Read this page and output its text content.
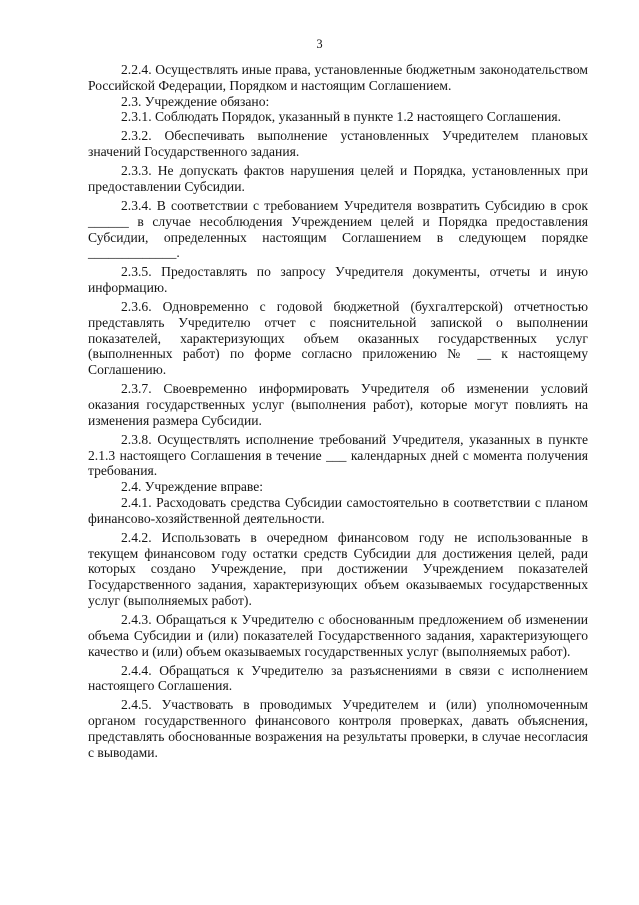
3

2.2.4. Осуществлять иные права, установленные бюджетным законодательством Российской Федерации, Порядком и настоящим Соглашением.

2.3. Учреждение обязано:

2.3.1. Соблюдать Порядок, указанный в пункте 1.2 настоящего Соглашения.

2.3.2. Обеспечивать выполнение установленных Учредителем плановых значений Государственного задания.

2.3.3. Не допускать фактов нарушения целей и Порядка, установленных при предоставлении Субсидии.

2.3.4. В соответствии с требованием Учредителя возвратить Субсидию в срок ______ в случае несоблюдения Учреждением целей и Порядка предоставления Субсидии, определенных настоящим Соглашением в следующем порядке _____________.

2.3.5. Предоставлять по запросу Учредителя документы, отчеты и иную информацию.

2.3.6. Одновременно с годовой бюджетной (бухгалтерской) отчетностью представлять Учредителю отчет с пояснительной запиской о выполнении показателей, характеризующих объем оказанных государственных услуг (выполненных работ) по форме согласно приложению № __ к настоящему Соглашению.

2.3.7. Своевременно информировать Учредителя об изменении условий оказания государственных услуг (выполнения работ), которые могут повлиять на изменения размера Субсидии.

2.3.8. Осуществлять исполнение требований Учредителя, указанных в пункте 2.1.3 настоящего Соглашения в течение ___ календарных дней с момента получения требования.

2.4. Учреждение вправе:

2.4.1. Расходовать средства Субсидии самостоятельно в соответствии с планом финансово-хозяйственной деятельности.

2.4.2. Использовать в очередном финансовом году не использованные в текущем финансовом году остатки средств Субсидии для достижения целей, ради которых создано Учреждение, при достижении Учреждением показателей Государственного задания, характеризующих объем оказываемых государственных услуг (выполняемых работ).

2.4.3. Обращаться к Учредителю с обоснованным предложением об изменении объема Субсидии и (или) показателей Государственного задания, характеризующего качество и (или) объем оказываемых государственных услуг (выполняемых работ).

2.4.4. Обращаться к Учредителю за разъяснениями в связи с исполнением настоящего Соглашения.

2.4.5. Участвовать в проводимых Учредителем и (или) уполномоченным органом государственного финансового контроля проверках, давать объяснения, представлять обоснованные возражения на результаты проверки, в случае несогласия с выводами.
